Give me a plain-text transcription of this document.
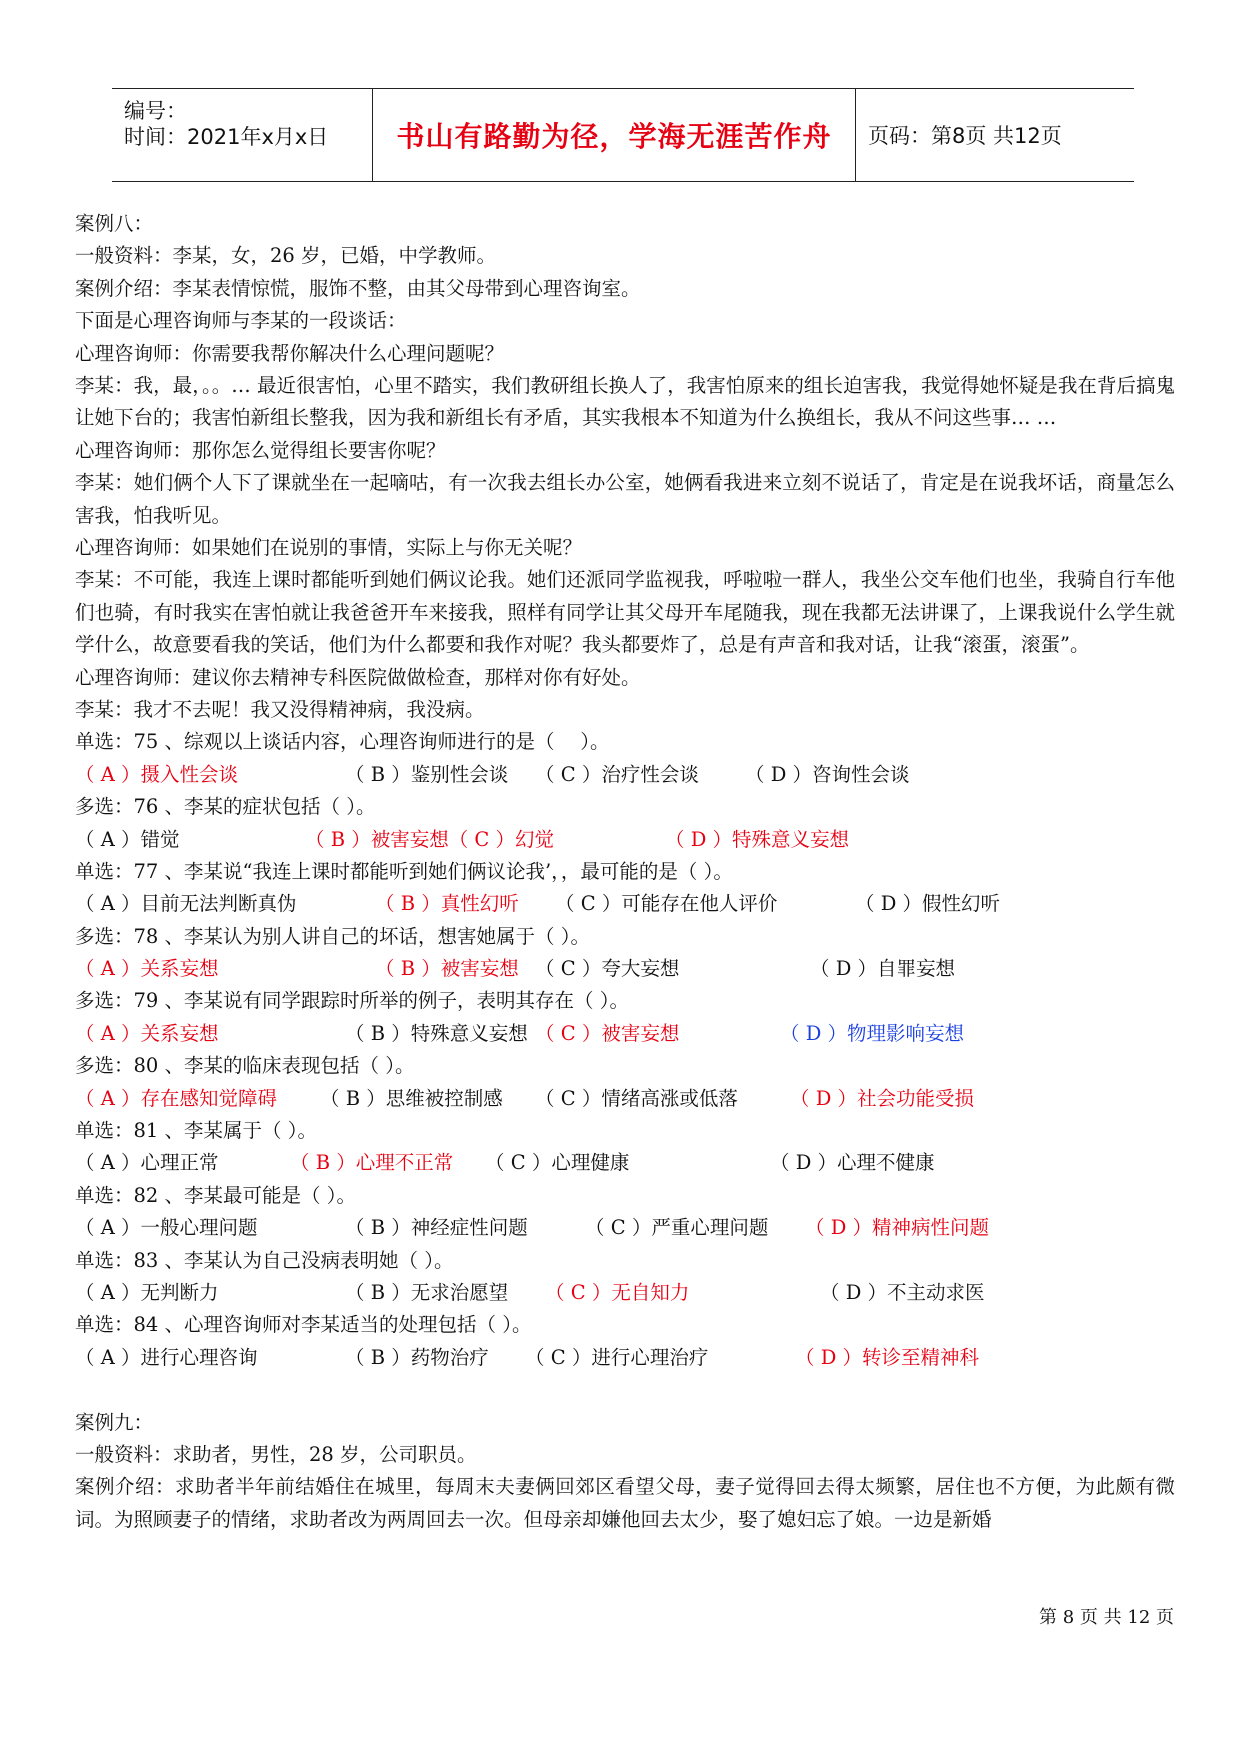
编号：
时间：2021年x月x日	书山有路勤为径，学海无涯苦作舟	页码：第8页 共12页
案例八：
一般资料：李某，女，26 岁，已婚，中学教师。
案例介绍：李某表情惊慌，服饰不整，由其父母带到心理咨询室。
下面是心理咨询师与李某的一段谈话：
心理咨询师：你需要我帮你解决什么心理问题呢？
李某：我，最，。。… 最近很害怕，心里不踏实，我们教研组长换人了，我害怕原来的组长迫害我，我觉得她怀疑是我在背后搞鬼让她下台的；我害怕新组长整我，因为我和新组长有矛盾，其实我根本不知道为什么换组长，我从不问这些事… …
心理咨询师：那你怎么觉得组长要害你呢？
李某：她们俩个人下了课就坐在一起嘀咕，有一次我去组长办公室，她俩看我进来立刻不说话了，肯定是在说我坏话，商量怎么害我，怕我听见。
心理咨询师：如果她们在说别的事情，实际上与你无关呢？
李某：不可能，我连上课时都能听到她们俩议论我。她们还派同学监视我，呼啦啦一群人，我坐公交车他们也坐，我骑自行车他们也骑，有时我实在害怕就让我爸爸开车来接我，照样有同学让其父母开车尾随我，现在我都无法讲课了，上课我说什么学生就学什么，故意要看我的笑话，他们为什么都要和我作对呢？我头都要炸了，总是有声音和我对话，让我“滚蛋，滚蛋”。
心理咨询师：建议你去精神专科医院做做检查，那样对你有好处。
李某：我才不去呢！我又没得精神病，我没病。
单选：75 、综观以上谈话内容，心理咨询师进行的是（　 ）。
（ A ）摄入性会谈	（ B ）鉴别性会谈 （ C ）治疗性会谈 （ D ）咨询性会谈
多选：76 、李某的症状包括（ ）。
（ A ）错觉	（ B ）被害妄想（ C ）幻觉	（ D ）特殊意义妄想
单选：77 、李某说“我连上课时都能听到她们俩议论我’，，最可能的是（ ）。
（ A ）目前无法判断真伪	（ B ）真性幻听 （ C ）可能存在他人评价	（ D ）假性幻听
多选：78 、李某认为别人讲自己的坏话，想害她属于（ ）。
（ A ）关系妄想	（ B ）被害妄想 （ C ）夸大妄想	（ D ）自罪妄想
多选：79 、李某说有同学跟踪时所举的例子，表明其存在（ ）。
（ A ）关系妄想	（ B ）特殊意义妄想 （ C ）被害妄想	（ D ）物理影响妄想
多选：80 、李某的临床表现包括（ ）。
（ A ）存在感知觉障碍 （ B ）思维被控制感 （ C ）情绪高涨或低落	（ D ）社会功能受损
单选：81 、李某属于（ ）。
（ A ）心理正常	（ B ）心理不正常 （ C ）心理健康	（ D ）心理不健康
单选：82 、李某最可能是（ ）。
（ A ）一般心理问题	（ B ）神经症性问题	（ C ）严重心理问题 （ D ）精神病性问题
单选：83 、李某认为自己没病表明她（ ）。
（ A ）无判断力	（ B ）无求治愿望 （ C ）无自知力	（ D ）不主动求医
单选：84 、心理咨询师对李某适当的处理包括（ ）。
（ A ）进行心理咨询	（ B ）药物治疗 （ C ）进行心理治疗	（ D ）转诊至精神科
案例九：
一般资料：求助者，男性，28 岁，公司职员。
案例介绍：求助者半年前结婚住在城里，每周末夫妻俩回郊区看望父母，妻子觉得回去得太频繁，居住也不方便，为此颇有微词。为照顾妻子的情绪，求助者改为两周回去一次。但母亲却嫌他回去太少，娶了媳妇忘了娘。一边是新婚
第 8 页 共 12 页
